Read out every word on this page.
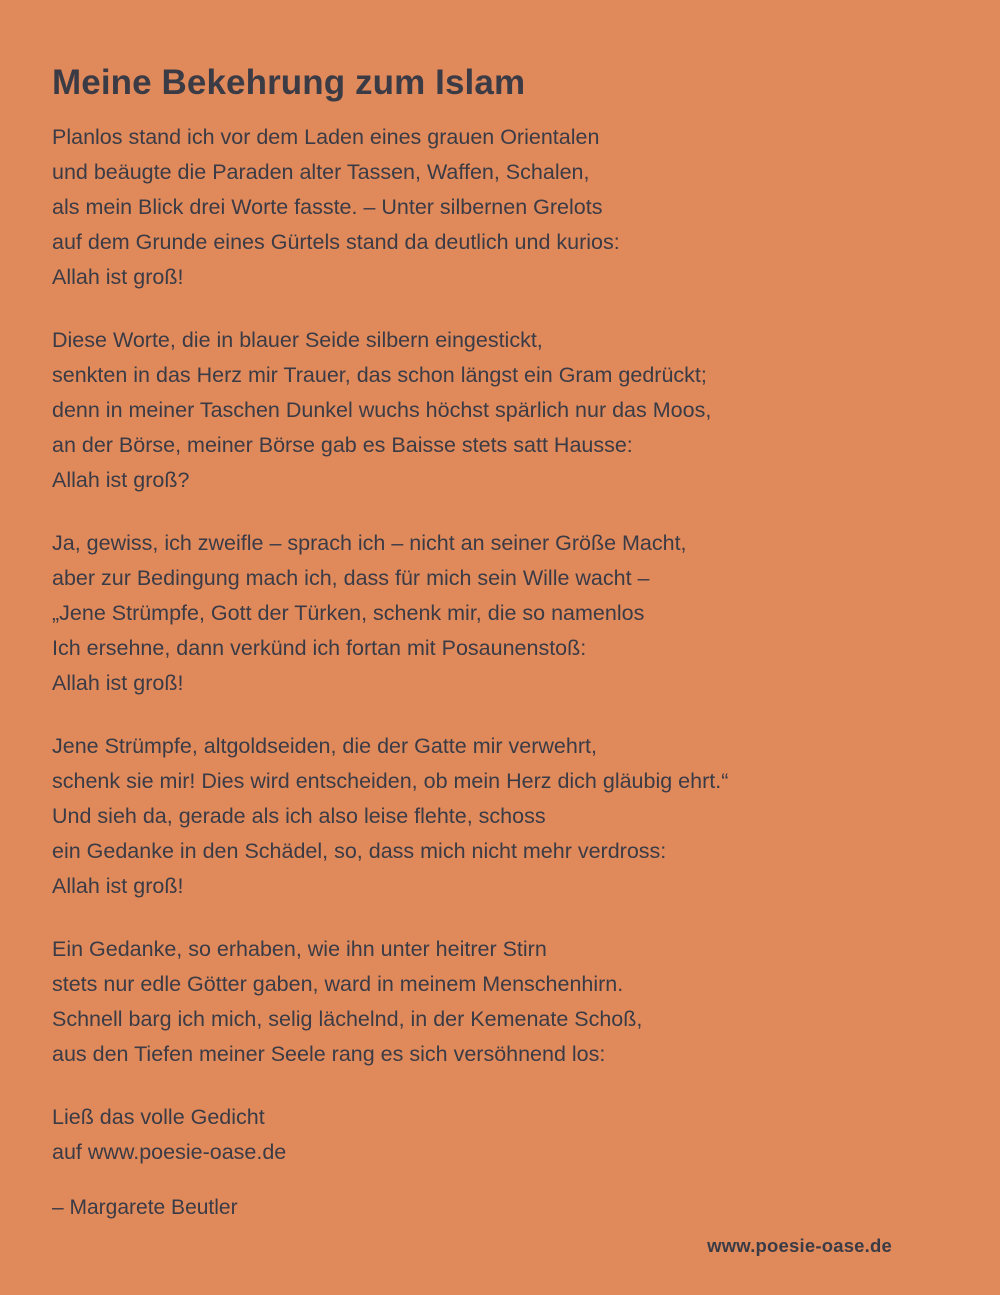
Meine Bekehrung zum Islam
Planlos stand ich vor dem Laden eines grauen Orientalen
und beäugte die Paraden alter Tassen, Waffen, Schalen,
als mein Blick drei Worte fasste. – Unter silbernen Grelots
auf dem Grunde eines Gürtels stand da deutlich und kurios:
Allah ist groß!
Diese Worte, die in blauer Seide silbern eingestickt,
senkten in das Herz mir Trauer, das schon längst ein Gram gedrückt;
denn in meiner Taschen Dunkel wuchs höchst spärlich nur das Moos,
an der Börse, meiner Börse gab es Baisse stets satt Hausse:
Allah ist groß?
Ja, gewiss, ich zweifle – sprach ich – nicht an seiner Größe Macht,
aber zur Bedingung mach ich, dass für mich sein Wille wacht –
„Jene Strümpfe, Gott der Türken, schenk mir, die so namenlos
Ich ersehne, dann verkünd ich fortan mit Posaunenstoß:
Allah ist groß!
Jene Strümpfe, altgoldseiden, die der Gatte mir verwehrt,
schenk sie mir! Dies wird entscheiden, ob mein Herz dich gläubig ehrt.“
Und sieh da, gerade als ich also leise flehte, schoss
ein Gedanke in den Schädel, so, dass mich nicht mehr verdross:
Allah ist groß!
Ein Gedanke, so erhaben, wie ihn unter heitrer Stirn
stets nur edle Götter gaben, ward in meinem Menschenhirn.
Schnell barg ich mich, selig lächelnd, in der Kemenate Schoß,
aus den Tiefen meiner Seele rang es sich versöhnend los:
Ließ das volle Gedicht
auf www.poesie-oase.de
– Margarete Beutler
www.poesie-oase.de
